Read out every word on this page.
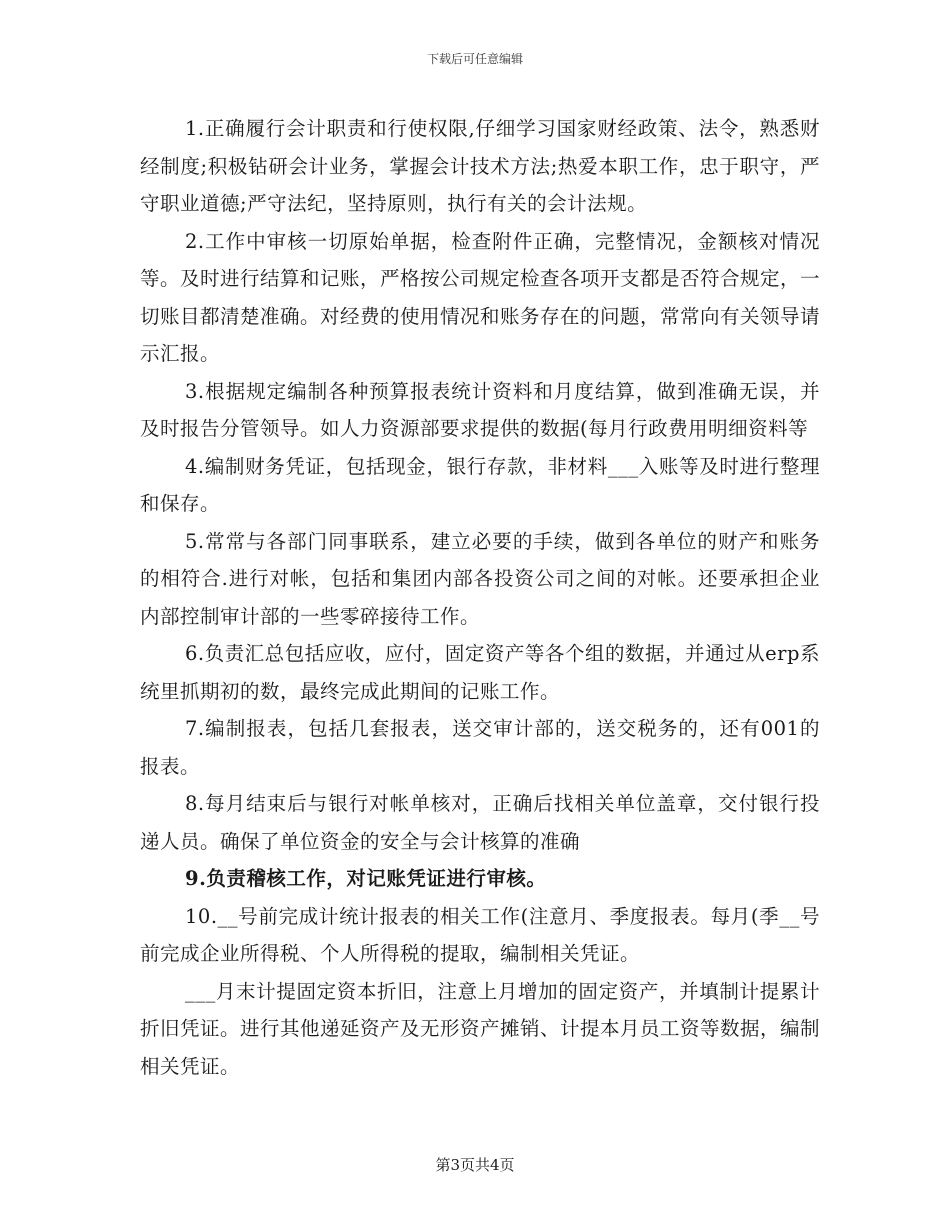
下载后可任意编辑

1.正确履行会计职责和行使权限,仔细学习国家财经政策、法令，熟悉财经制度;积极钻研会计业务，掌握会计技术方法;热爱本职工作，忠于职守，严守职业道德;严守法纪，坚持原则，执行有关的会计法规。

2.工作中审核一切原始单据，检查附件正确，完整情况，金额核对情况等。及时进行结算和记账，严格按公司规定检查各项开支都是否符合规定，一切账目都清楚准确。对经费的使用情况和账务存在的问题，常常向有关领导请示汇报。

3.根据规定编制各种预算报表统计资料和月度结算，做到准确无误，并及时报告分管领导。如人力资源部要求提供的数据(每月行政费用明细资料等

4.编制财务凭证，包括现金，银行存款，非材料___入账等及时进行整理和保存。

5.常常与各部门同事联系，建立必要的手续，做到各单位的财产和账务的相符合.进行对帐，包括和集团内部各投资公司之间的对帐。还要承担企业内部控制审计部的一些零碎接待工作。

6.负责汇总包括应收，应付，固定资产等各个组的数据，并通过从erp系统里抓期初的数，最终完成此期间的记账工作。

7.编制报表，包括几套报表，送交审计部的，送交税务的，还有001的报表。

8.每月结束后与银行对帐单核对，正确后找相关单位盖章，交付银行投递人员。确保了单位资金的安全与会计核算的准确

9.负责稽核工作，对记账凭证进行审核。

10.__号前完成计统计报表的相关工作(注意月、季度报表。每月(季__号前完成企业所得税、个人所得税的提取，编制相关凭证。

___月末计提固定资本折旧，注意上月增加的固定资产，并填制计提累计折旧凭证。进行其他递延资产及无形资产摊销、计提本月员工资等数据，编制相关凭证。

第3页共4页
